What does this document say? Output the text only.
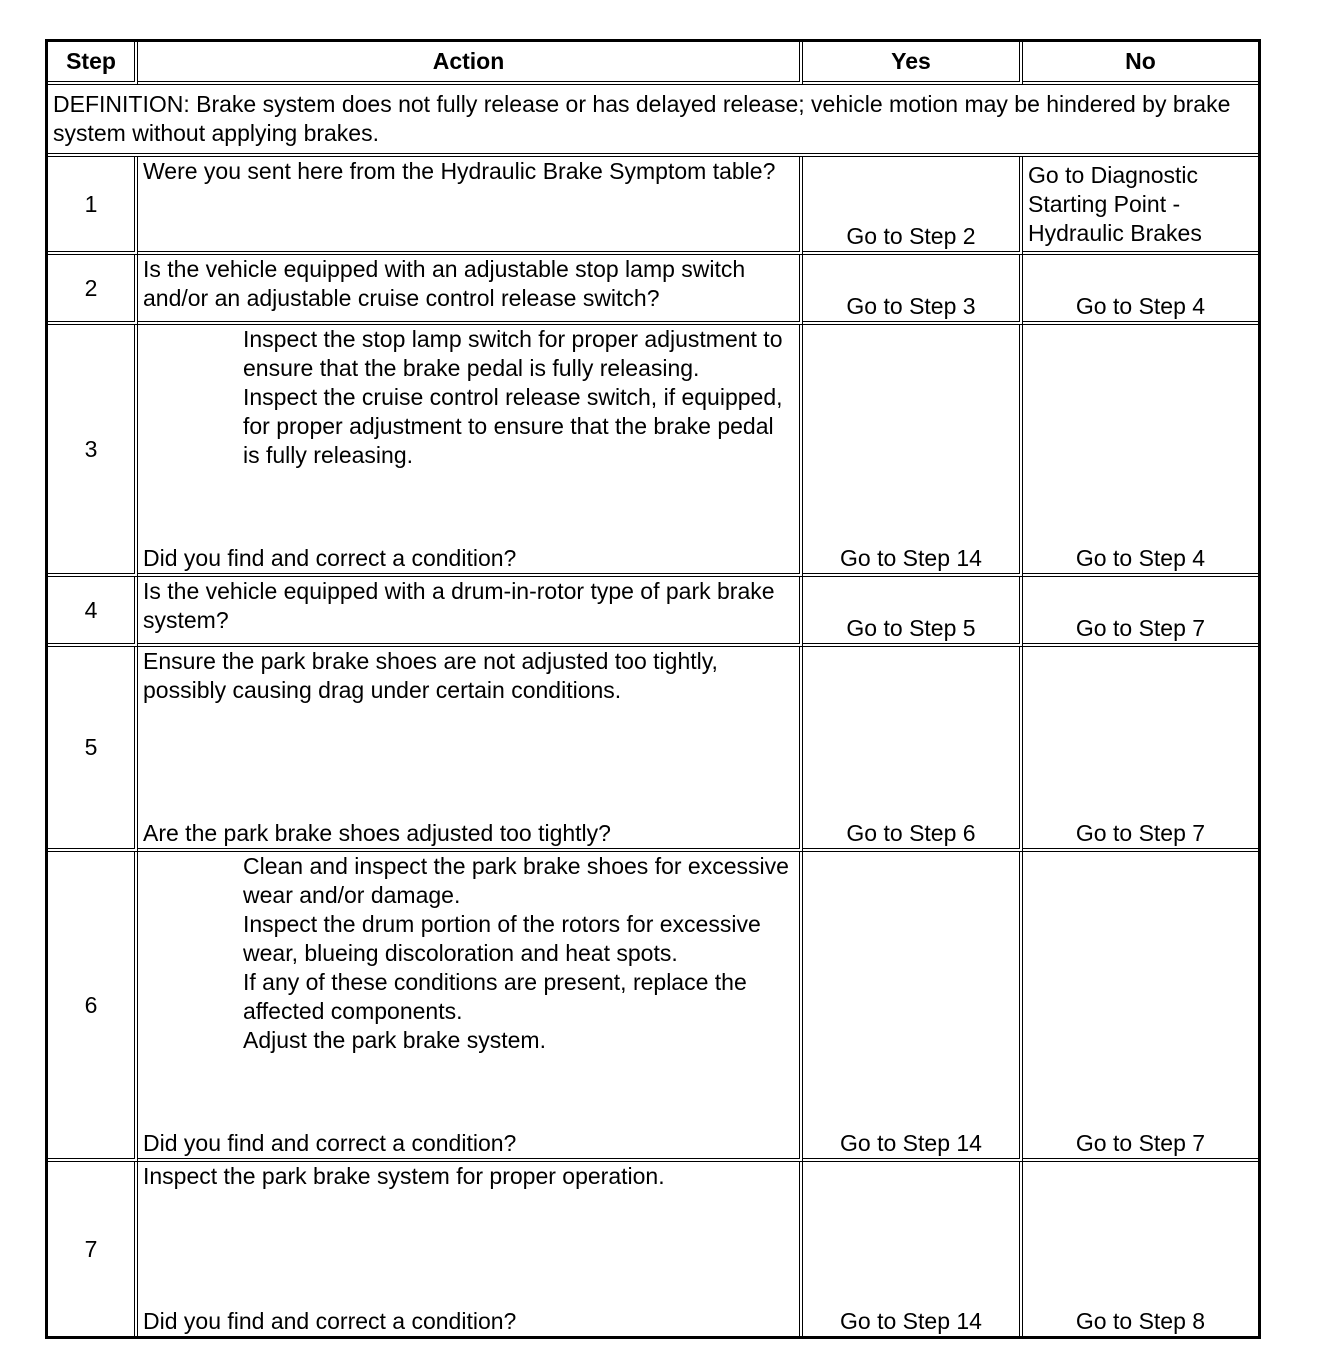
Step	Action	Yes	No
DEFINITION: Brake system does not fully release or has delayed release; vehicle motion may be hindered by brake system without applying brakes.			
1	Were you sent here from the Hydraulic Brake Symptom table?	Go to Step 2	Go to Diagnostic Starting Point - Hydraulic Brakes
2	Is the vehicle equipped with an adjustable stop lamp switch and/or an adjustable cruise control release switch?	Go to Step 3	Go to Step 4
3	Inspect the stop lamp switch for proper adjustment to ensure that the brake pedal is fully releasing.
Inspect the cruise control release switch, if equipped, for proper adjustment to ensure that the brake pedal is fully releasing.
Did you find and correct a condition?	Go to Step 14	Go to Step 4
4	Is the vehicle equipped with a drum-in-rotor type of park brake system?	Go to Step 5	Go to Step 7
5	Ensure the park brake shoes are not adjusted too tightly, possibly causing drag under certain conditions.
Are the park brake shoes adjusted too tightly?	Go to Step 6	Go to Step 7
6	Clean and inspect the park brake shoes for excessive wear and/or damage.
Inspect the drum portion of the rotors for excessive wear, blueing discoloration and heat spots.
If any of these conditions are present, replace the affected components.
Adjust the park brake system.
Did you find and correct a condition?	Go to Step 14	Go to Step 7
7	Inspect the park brake system for proper operation.
Did you find and correct a condition?	Go to Step 14	Go to Step 8
